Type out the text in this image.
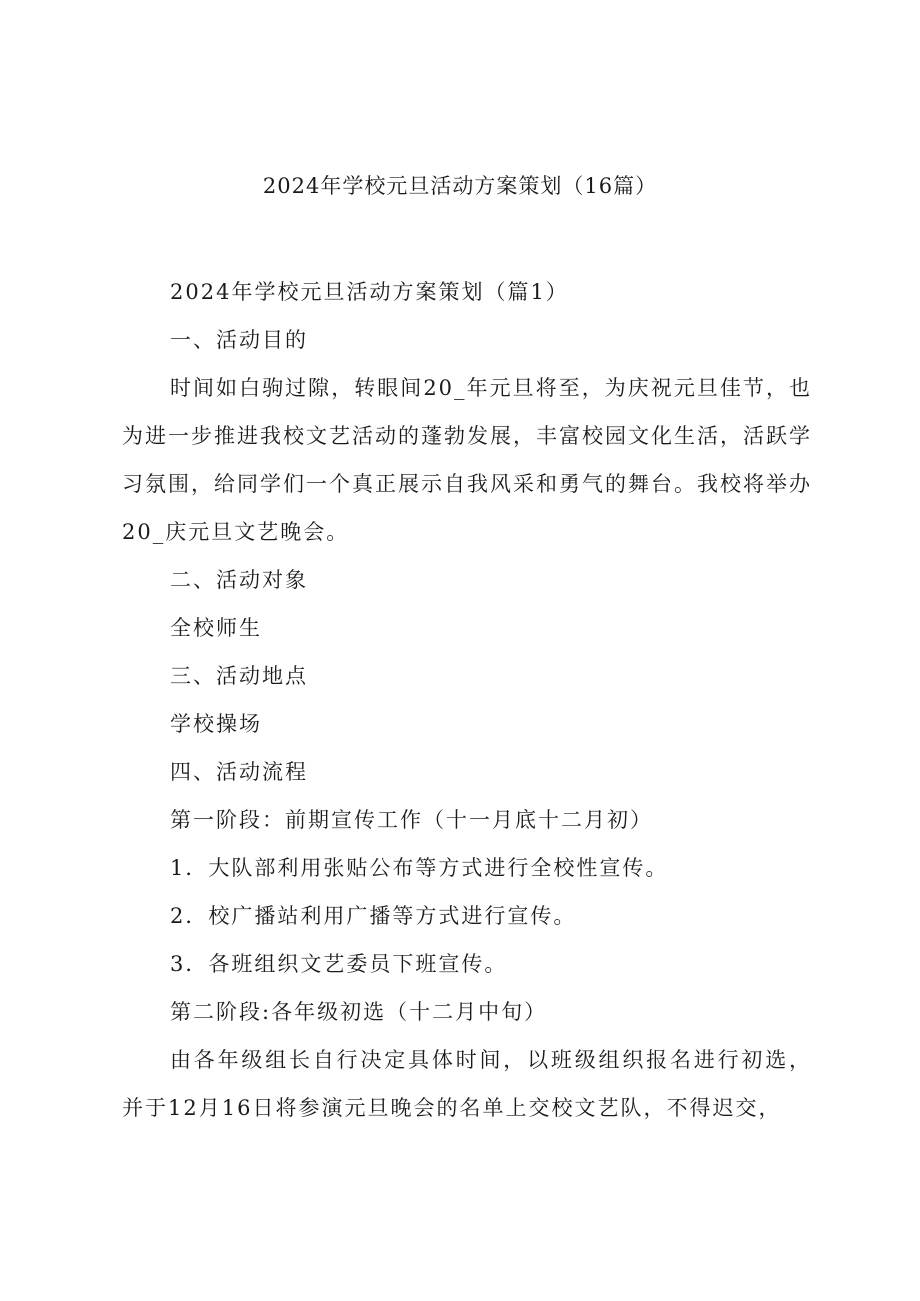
2024年学校元旦活动方案策划（16篇）

2024年学校元旦活动方案策划（篇1）

一、活动目的

时间如白驹过隙，转眼间20_年元旦将至，为庆祝元旦佳节，也为进一步推进我校文艺活动的蓬勃发展，丰富校园文化生活，活跃学习氛围，给同学们一个真正展示自我风采和勇气的舞台。我校将举办20_庆元旦文艺晚会。

二、活动对象

全校师生

三、活动地点

学校操场

四、活动流程

第一阶段：前期宣传工作（十一月底十二月初）

1．大队部利用张贴公布等方式进行全校性宣传。

2．校广播站利用广播等方式进行宣传。

3．各班组织文艺委员下班宣传。

第二阶段:各年级初选（十二月中旬）

由各年级组长自行决定具体时间，以班级组织报名进行初选，并于12月16日将参演元旦晚会的名单上交校文艺队，不得迟交，
